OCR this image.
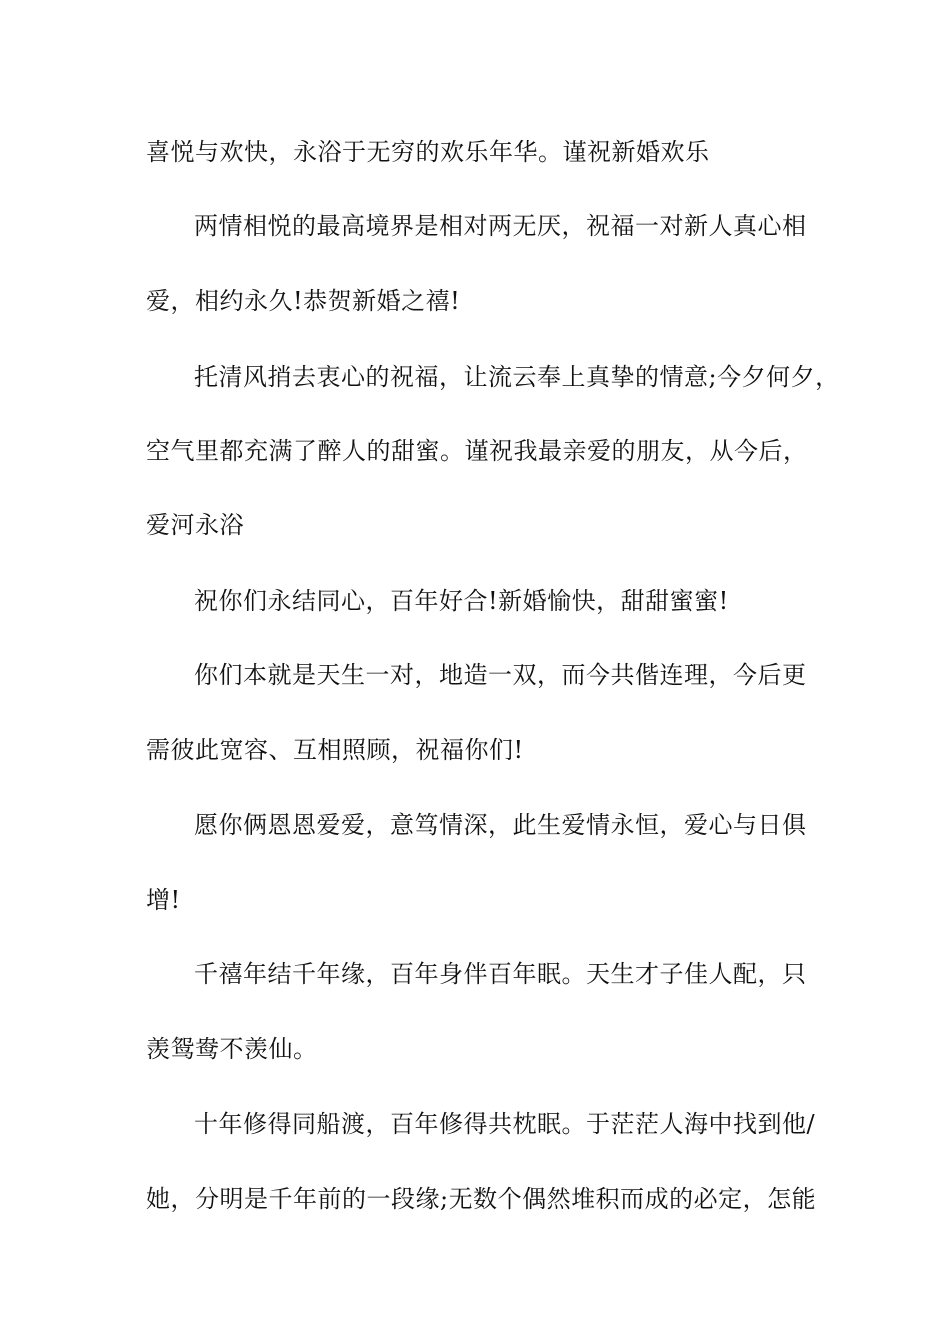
喜悦与欢快，永浴于无穷的欢乐年华。谨祝新婚欢乐
两情相悦的最高境界是相对两无厌，祝福一对新人真心相
爱，相约永久!恭贺新婚之禧!
托清风捎去衷心的祝福，让流云奉上真挚的情意;今夕何夕，
空气里都充满了醉人的甜蜜。谨祝我最亲爱的朋友，从今后，
爱河永浴
祝你们永结同心，百年好合!新婚愉快，甜甜蜜蜜!
你们本就是天生一对，地造一双，而今共偕连理，今后更
需彼此宽容、互相照顾，祝福你们!
愿你俩恩恩爱爱，意笃情深，此生爱情永恒，爱心与日俱
增!
千禧年结千年缘，百年身伴百年眠。天生才子佳人配，只
羡鸳鸯不羡仙。
十年修得同船渡，百年修得共枕眠。于茫茫人海中找到他/
她，分明是千年前的一段缘;无数个偶然堆积而成的必定，怎能
